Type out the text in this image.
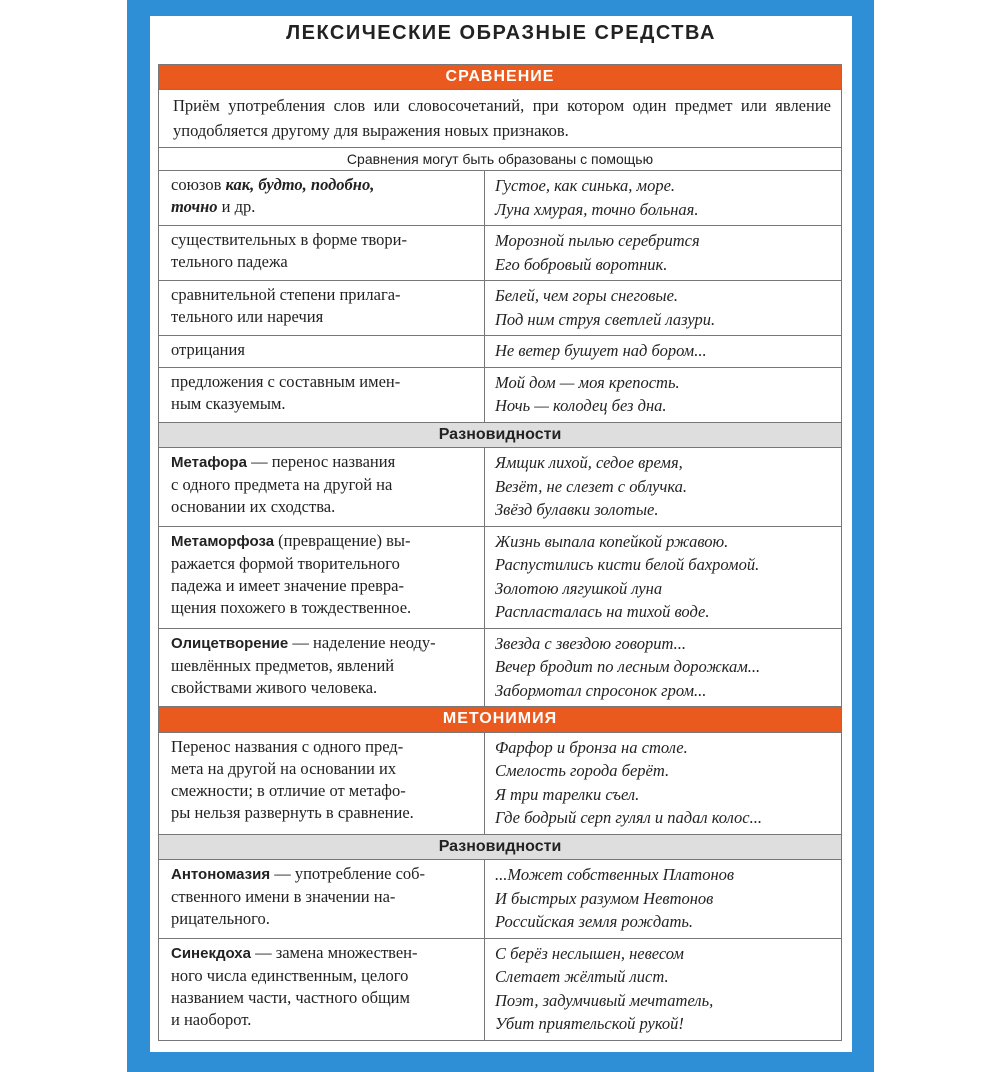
ЛЕКСИЧЕСКИЕ ОБРАЗНЫЕ СРЕДСТВА
СРАВНЕНИЕ
Приём употребления слов или словосочетаний, при котором один предмет или явление уподобляется другому для выражения новых признаков.
Сравнения могут быть образованы с помощью
союзов как, будто, подобно,
точно и др.
Густое, как синька, море.
Луна хмурая, точно больная.
существительных в форме твори-
тельного падежа
Морозной пылью серебрится
Его бобровый воротник.
сравнительной степени прилага-
тельного или наречия
Белей, чем горы снеговые.
Под ним струя светлей лазури.
отрицания	Не ветер бушует над бором...
предложения с составным имен-
ным сказуемым.
Мой дом — моя крепость.
Ночь — колодец без дна.
Разновидности
Метафора — перенос названия
с одного предмета на другой на
основании их сходства.
Ямщик лихой, седое время,
Везёт, не слезет с облучка.
Звёзд булавки золотые.
Метаморфоза (превращение) вы-
ражается формой творительного
падежа и имеет значение превра-
щения похожего в тождественное.
Жизнь выпала копейкой ржавою.
Распустились кисти белой бахромой.
Золотою лягушкой луна
Распласталась на тихой воде.
Олицетворение — наделение неоду-
шевлённых предметов, явлений
свойствами живого человека.
Звезда с звездою говорит...
Вечер бродит по лесным дорожкам...
Забормотал спросонок гром...
МЕТОНИМИЯ
Перенос названия с одного пред-
мета на другой на основании их
смежности; в отличие от метафо-
ры нельзя развернуть в сравнение.
Фарфор и бронза на столе.
Смелость города берёт.
Я три тарелки съел.
Где бодрый серп гулял и падал колос...
Разновидности
Антономазия — употребление соб-
ственного имени в значении на-
рицательного.
...Может собственных Платонов
И быстрых разумом Невтонов
Российская земля рождать.
Синекдоха — замена множествен-
ного числа единственным, целого
названием части, частного общим
и наоборот.
С берёз неслышен, невесом
Слетает жёлтый лист.
Поэт, задумчивый мечтатель,
Убит приятельской рукой!
